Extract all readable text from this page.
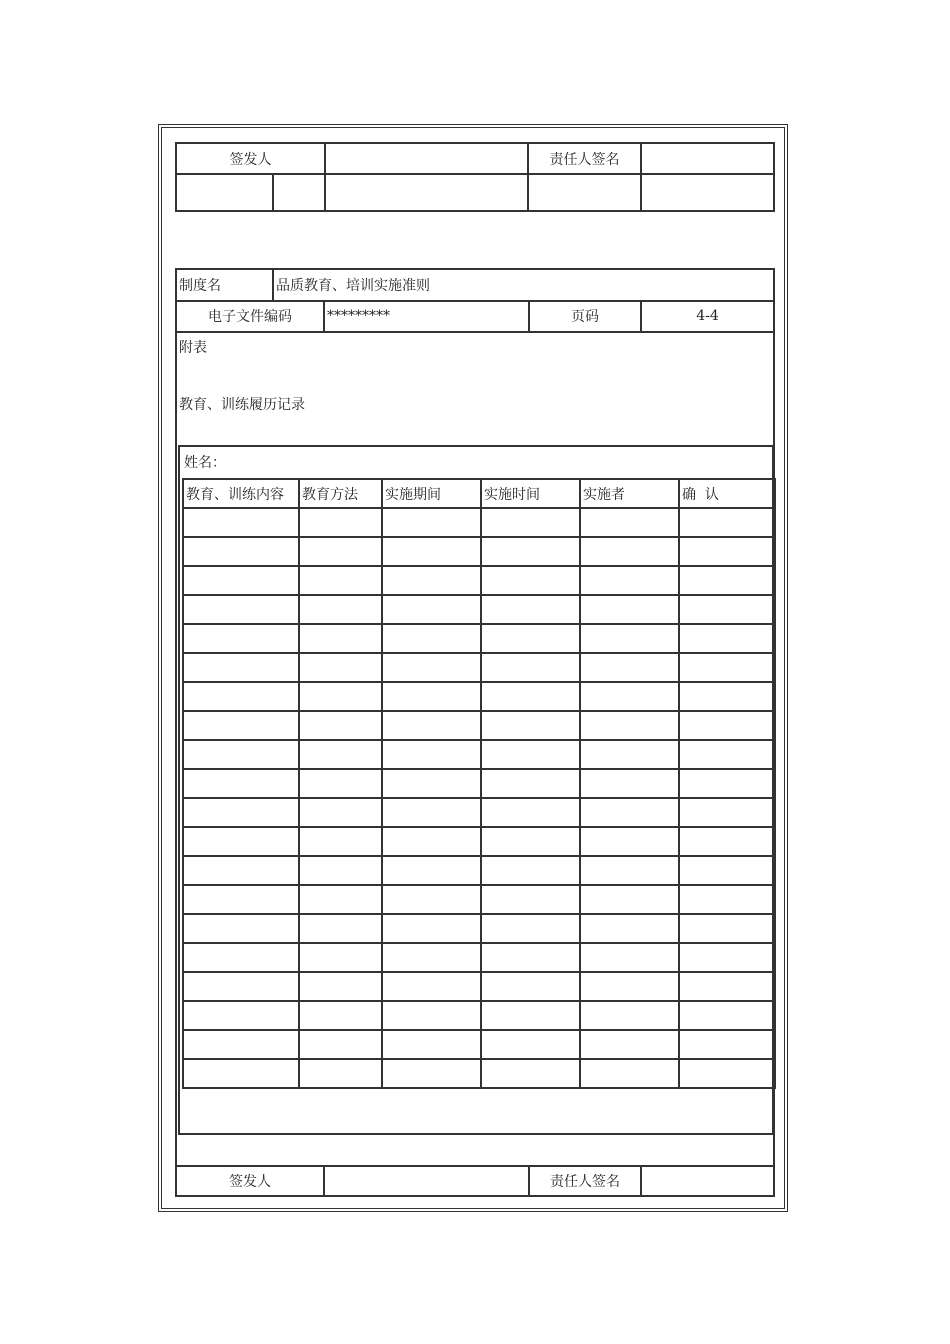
签发人	责任人签名
制度名	品质教育、培训实施准则
电子文件编码	*********	页码	4-4
附表
教育、训练履历记录
姓名：
教育、训练内容	教育方法	实施期间	实施时间	实施者	确  认

签发人	责任人签名
